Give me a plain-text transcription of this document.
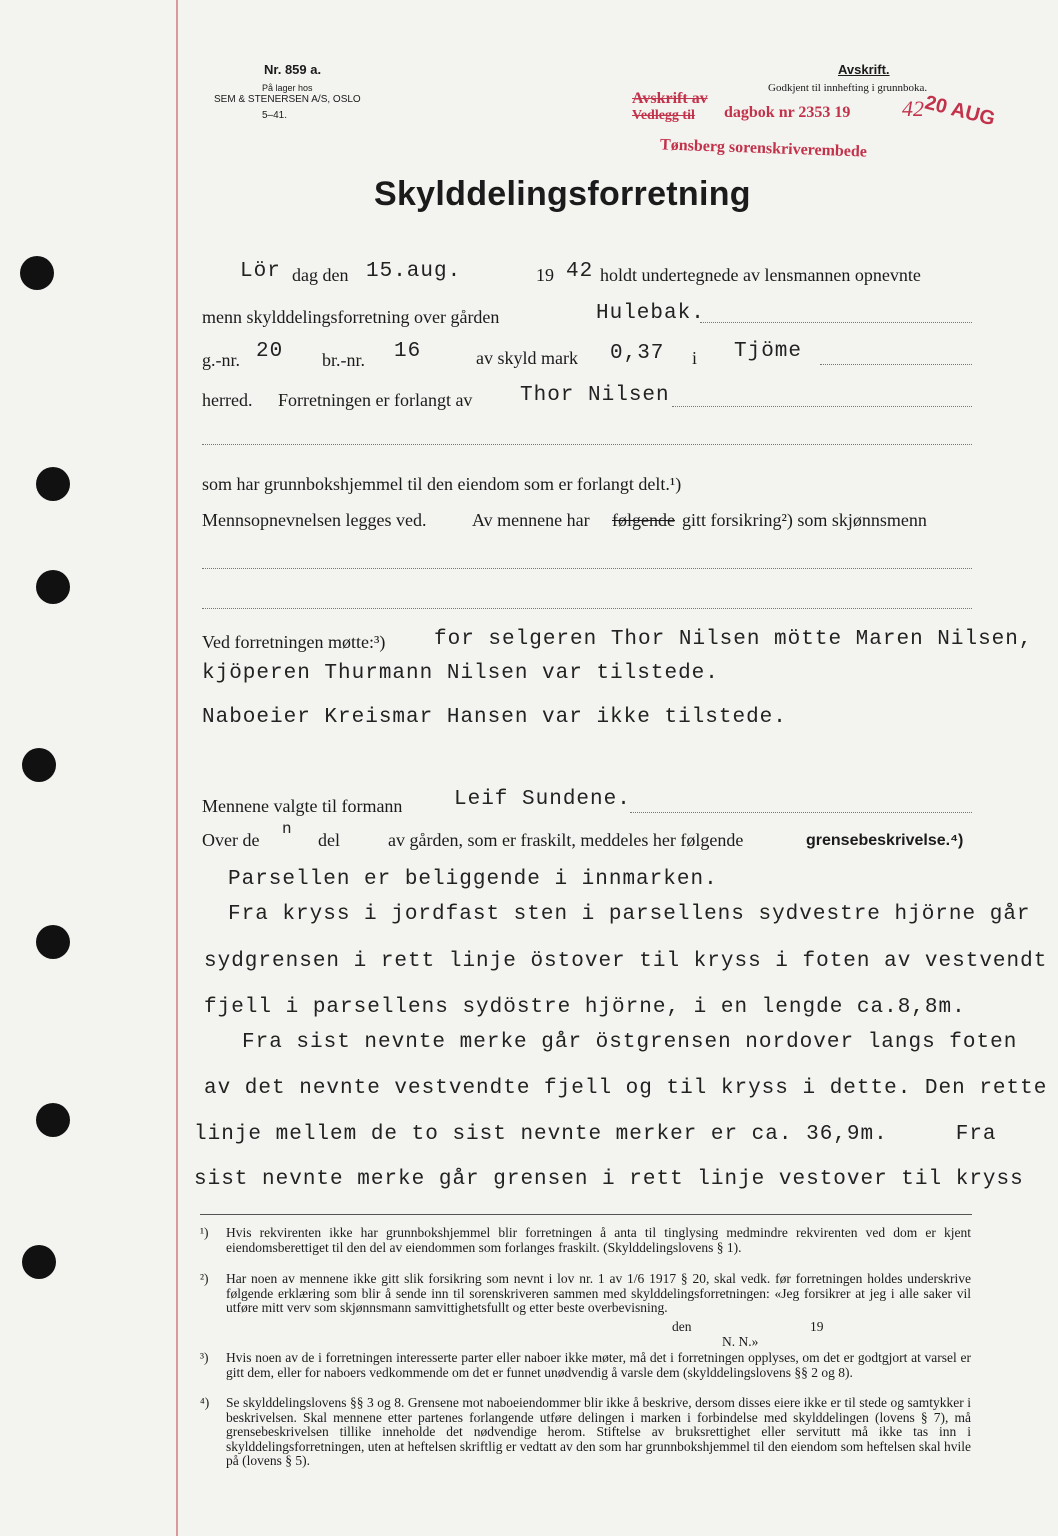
Nr. 859 a.
På lager hos
SEM & STENERSEN A/S, OSLO
5–41.
Avskrift.
Godkjent til innhefting i grunnboka.
Avskrift av
Vedlegg til dagbok nr 2353 19 42
20 AUG
Tønsberg sorenskriverembede
Skylddelingsforretning
Lör dag den 15.aug.	19 42 holdt undertegnede av lensmannen opnevnte
menn skylddelingsforretning over gården	Hulebak.
g.-nr. 20 br.-nr. 16	av skyld mark 0,37 i Tjöme
herred. Forretningen er forlangt av Thor Nilsen
som har grunnbokshjemmel til den eiendom som er forlangt delt.¹)
Mennsopnevnelsen legges ved.	Av mennene har følgende gitt forsikring²) som skjønnsmenn
Ved forretningen møtte:³) for selgeren Thor Nilsen mötte Maren Nilsen,
kjöperen Thurmann Nilsen var tilstede.
Naboeier Kreismar Hansen var ikke tilstede.
Mennene valgte til formann Leif Sundene.
Over de
n
del	av gården, som er fraskilt, meddeles her følgende	grensebeskrivelse.⁴)
Parsellen er beliggende i innmarken.
Fra kryss i jordfast sten i parsellens sydvestre hjörne går
sydgrensen i rett linje östover til kryss i foten av vestvendt
fjell i parsellens sydöstre hjörne, i en lengde ca.8,8m.
Fra sist nevnte merke går östgrensen nordover langs foten
av det nevnte vestvendte fjell og til kryss i dette. Den rette
linje mellem de to sist nevnte merker er ca. 36,9m.     Fra
sist nevnte merke går grensen i rett linje vestover til kryss
¹) Hvis rekvirenten ikke har grunnbokshjemmel blir forretningen å anta til tinglysing medmindre rekvirenten ved dom er kjent eiendomsberettiget til den del av eiendommen som forlanges fraskilt. (Skylddelingslovens § 1).
²) Har noen av mennene ikke gitt slik forsikring som nevnt i lov nr. 1 av 1/6 1917 § 20, skal vedk. før forretningen holdes underskrive følgende erklæring som blir å sende inn til sorenskriveren sammen med skylddelingsforretningen: «Jeg forsikrer at jeg i alle saker vil utføre mitt verv som skjønnsmann samvittighetsfullt og etter beste overbevisning.
den	19
N. N.»
³) Hvis noen av de i forretningen interesserte parter eller naboer ikke møter, må det i forretningen opplyses, om det er godtgjort at varsel er gitt dem, eller for naboers vedkommende om det er funnet unødvendig å varsle dem (skylddelingslovens §§ 2 og 8).
⁴) Se skylddelingslovens §§ 3 og 8. Grensene mot naboeiendommer blir ikke å beskrive, dersom disses eiere ikke er til stede og samtykker i beskrivelsen. Skal mennene etter partenes forlangende utføre delingen i marken i forbindelse med skylddelingen (lovens § 7), må grensebeskrivelsen tillike inneholde det nødvendige herom. Stiftelse av bruksrettighet eller servitutt må ikke tas inn i skylddelingsforretningen, uten at heftelsen skriftlig er vedtatt av den som har grunnbokshjemmel til den eiendom som heftelsen skal hvile på (lovens § 5).
